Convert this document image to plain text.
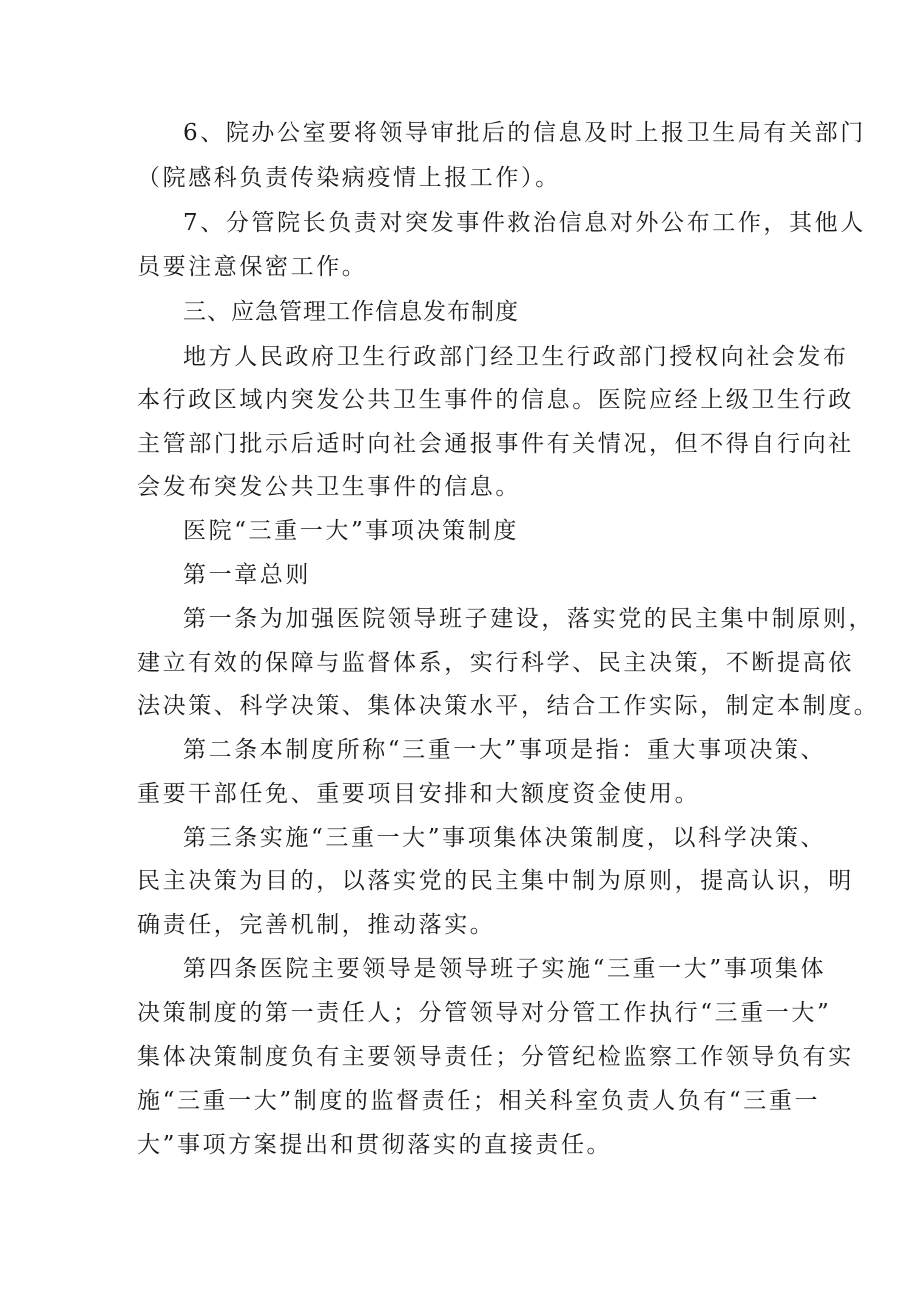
6、院办公室要将领导审批后的信息及时上报卫生局有关部门

（院感科负责传染病疫情上报工作）。

7、分管院长负责对突发事件救治信息对外公布工作，其他人

员要注意保密工作。

三、应急管理工作信息发布制度

地方人民政府卫生行政部门经卫生行政部门授权向社会发布

本行政区域内突发公共卫生事件的信息。医院应经上级卫生行政

主管部门批示后适时向社会通报事件有关情况，但不得自行向社

会发布突发公共卫生事件的信息。

医院“三重一大”事项决策制度

第一章总则

第一条为加强医院领导班子建设，落实党的民主集中制原则，

建立有效的保障与监督体系，实行科学、民主决策，不断提高依

法决策、科学决策、集体决策水平，结合工作实际，制定本制度。

第二条本制度所称“三重一大”事项是指：重大事项决策、

重要干部任免、重要项目安排和大额度资金使用。

第三条实施“三重一大”事项集体决策制度，以科学决策、

民主决策为目的，以落实党的民主集中制为原则，提高认识，明

确责任，完善机制，推动落实。

第四条医院主要领导是领导班子实施“三重一大”事项集体

决策制度的第一责任人；分管领导对分管工作执行“三重一大”

集体决策制度负有主要领导责任；分管纪检监察工作领导负有实

施“三重一大”制度的监督责任；相关科室负责人负有“三重一

大”事项方案提出和贯彻落实的直接责任。
